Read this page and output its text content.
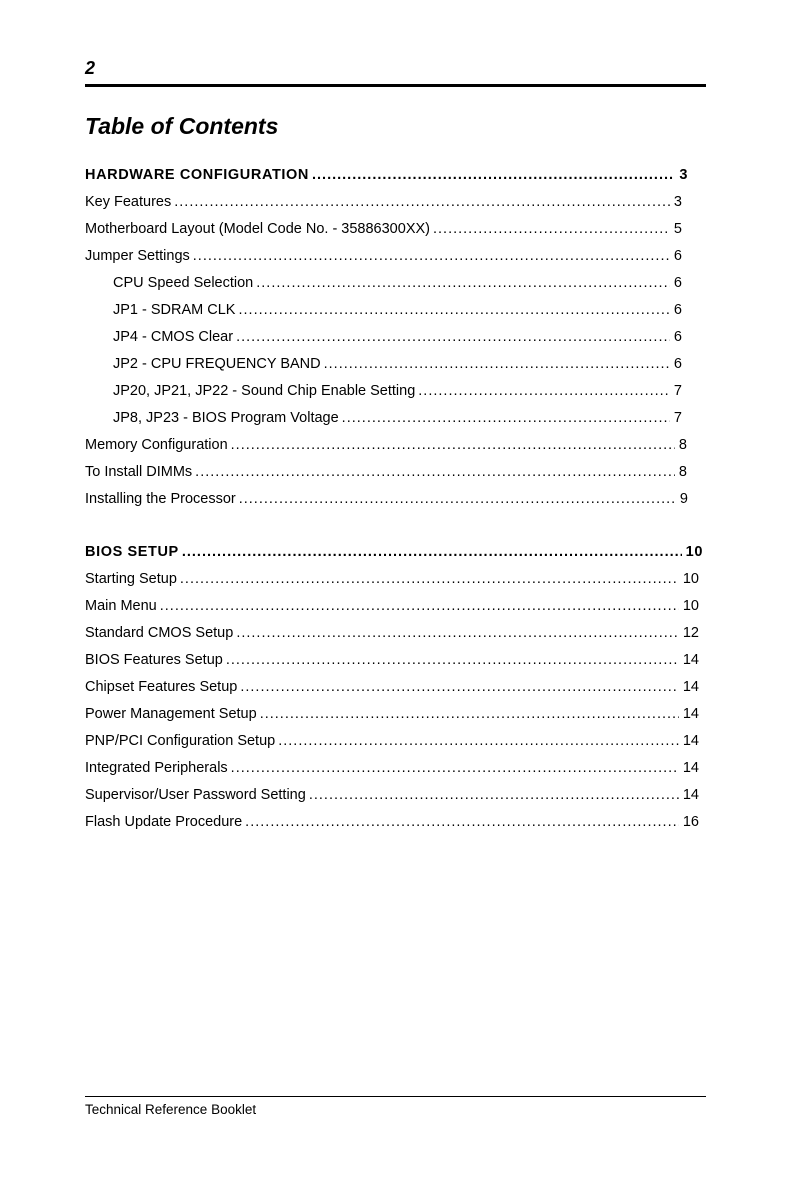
2
Table of Contents
HARDWARE CONFIGURATION .....	3
Key Features .....	3
Motherboard Layout (Model Code No. - 35886300XX) .....	5
Jumper Settings .....	6
CPU Speed Selection .....	6
JP1 - SDRAM CLK .....	6
JP4 - CMOS Clear .....	6
JP2 - CPU FREQUENCY BAND .....	6
JP20, JP21, JP22 - Sound Chip Enable Setting .....	7
JP8, JP23 - BIOS Program Voltage .....	7
Memory Configuration .....	8
To Install DIMMs .....	8
Installing the Processor .....	9
BIOS SETUP .....	10
Starting Setup .....	10
Main Menu .....	10
Standard CMOS Setup .....	12
BIOS Features Setup .....	14
Chipset Features Setup .....	14
Power Management Setup .....	14
PNP/PCI Configuration Setup .....	14
Integrated Peripherals .....	14
Supervisor/User Password Setting .....	14
Flash Update Procedure .....	16
Technical Reference Booklet
